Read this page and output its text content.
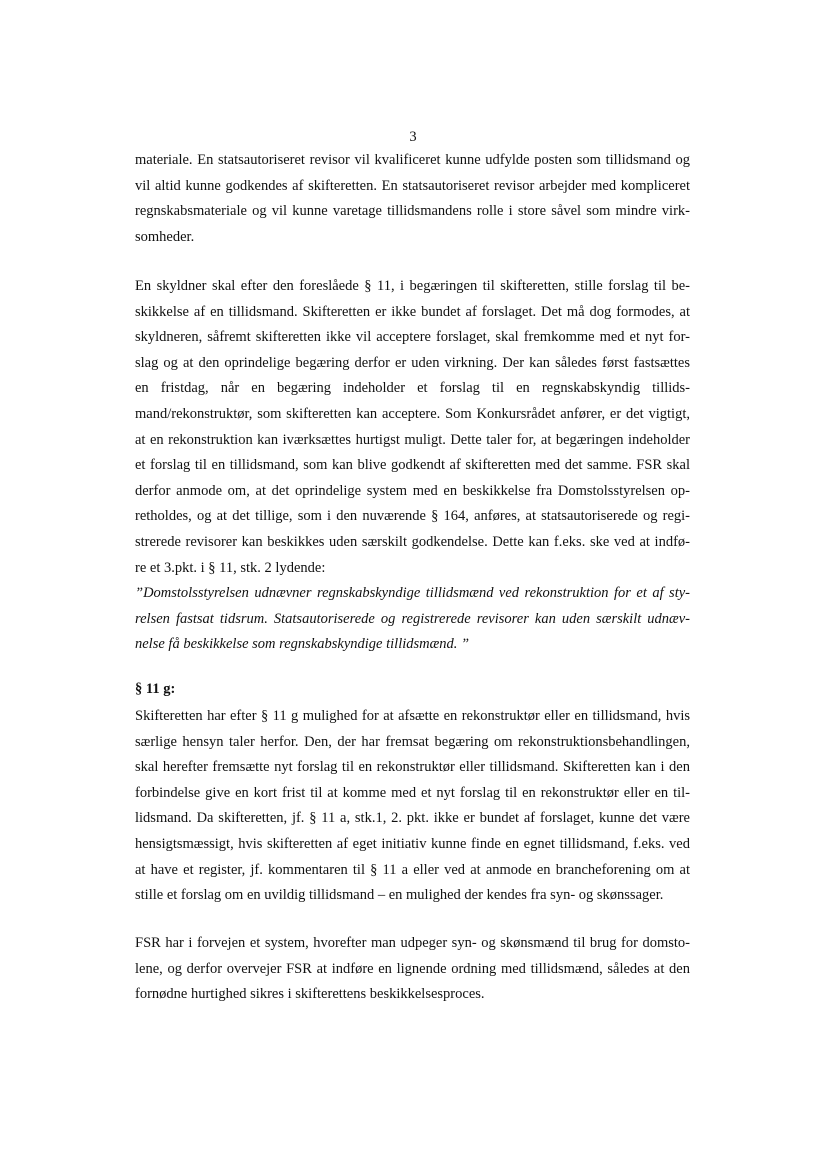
3
materiale. En statsautoriseret revisor vil kvalificeret kunne udfylde posten som tillidsmand og
vil altid kunne godkendes af skifteretten. En statsautoriseret revisor arbejder med kompliceret
regnskabsmateriale og vil kunne varetage tillidsmandens rolle i store såvel som mindre virk-
somheder.
En skyldner skal efter den foreslåede § 11, i begæringen til skifteretten, stille forslag til be-
skikkelse af en tillidsmand. Skifteretten er ikke bundet af forslaget. Det må dog formodes, at
skyldneren, såfremt skifteretten ikke vil acceptere forslaget, skal fremkomme med et nyt for-
slag og at den oprindelige begæring derfor er uden virkning. Der kan således først fastsættes
en fristdag, når en begæring indeholder et forslag til en regnskabskyndig tillids-
mand/rekonstruktør, som skifteretten kan acceptere. Som Konkursrådet anfører, er det vigtigt,
at en rekonstruktion kan iværksættes hurtigst muligt. Dette taler for, at begæringen indeholder
et forslag til en tillidsmand, som kan blive godkendt af skifteretten med det samme. FSR skal
derfor anmode om, at det oprindelige system med en beskikkelse fra Domstolsstyrelsen op-
retholdes, og at det tillige, som i den nuværende § 164, anføres, at statsautoriserede og regi-
strerede revisorer kan beskikkes uden særskilt godkendelse. Dette kan f.eks. ske ved at indfø-
re et 3.pkt. i § 11, stk. 2 lydende:
”Domstolsstyrelsen udnævner regnskabskyndige tillidsmænd ved rekonstruktion for et af sty-
relsen fastsat tidsrum. Statsautoriserede og registrerede revisorer kan uden særskilt udnæv-
nelse få beskikkelse som regnskabskyndige tillidsmænd. ”
§ 11 g:
Skifteretten har efter § 11 g mulighed for at afsætte en rekonstruktør eller en tillidsmand, hvis
særlige hensyn taler herfor. Den, der har fremsat begæring om rekonstruktionsbehandlingen,
skal herefter fremsætte nyt forslag til en rekonstruktør eller tillidsmand. Skifteretten kan i den
forbindelse give en kort frist til at komme med et nyt forslag til en rekonstruktør eller en til-
lidsmand. Da skifteretten, jf. § 11 a, stk.1, 2. pkt. ikke er bundet af forslaget, kunne det være
hensigtsmæssigt, hvis skifteretten af eget initiativ kunne finde en egnet tillidsmand, f.eks. ved
at have et register, jf. kommentaren til § 11 a eller ved at anmode en brancheforening om at
stille et forslag om en uvildig tillidsmand – en mulighed der kendes fra syn- og skønssager.
FSR har i forvejen et system, hvorefter man udpeger syn- og skønsmænd til brug for domsto-
lene, og derfor overvejer FSR at indføre en lignende ordning med tillidsmænd, således at den
fornødne hurtighed sikres i skifterettens beskikkelsesproces.
